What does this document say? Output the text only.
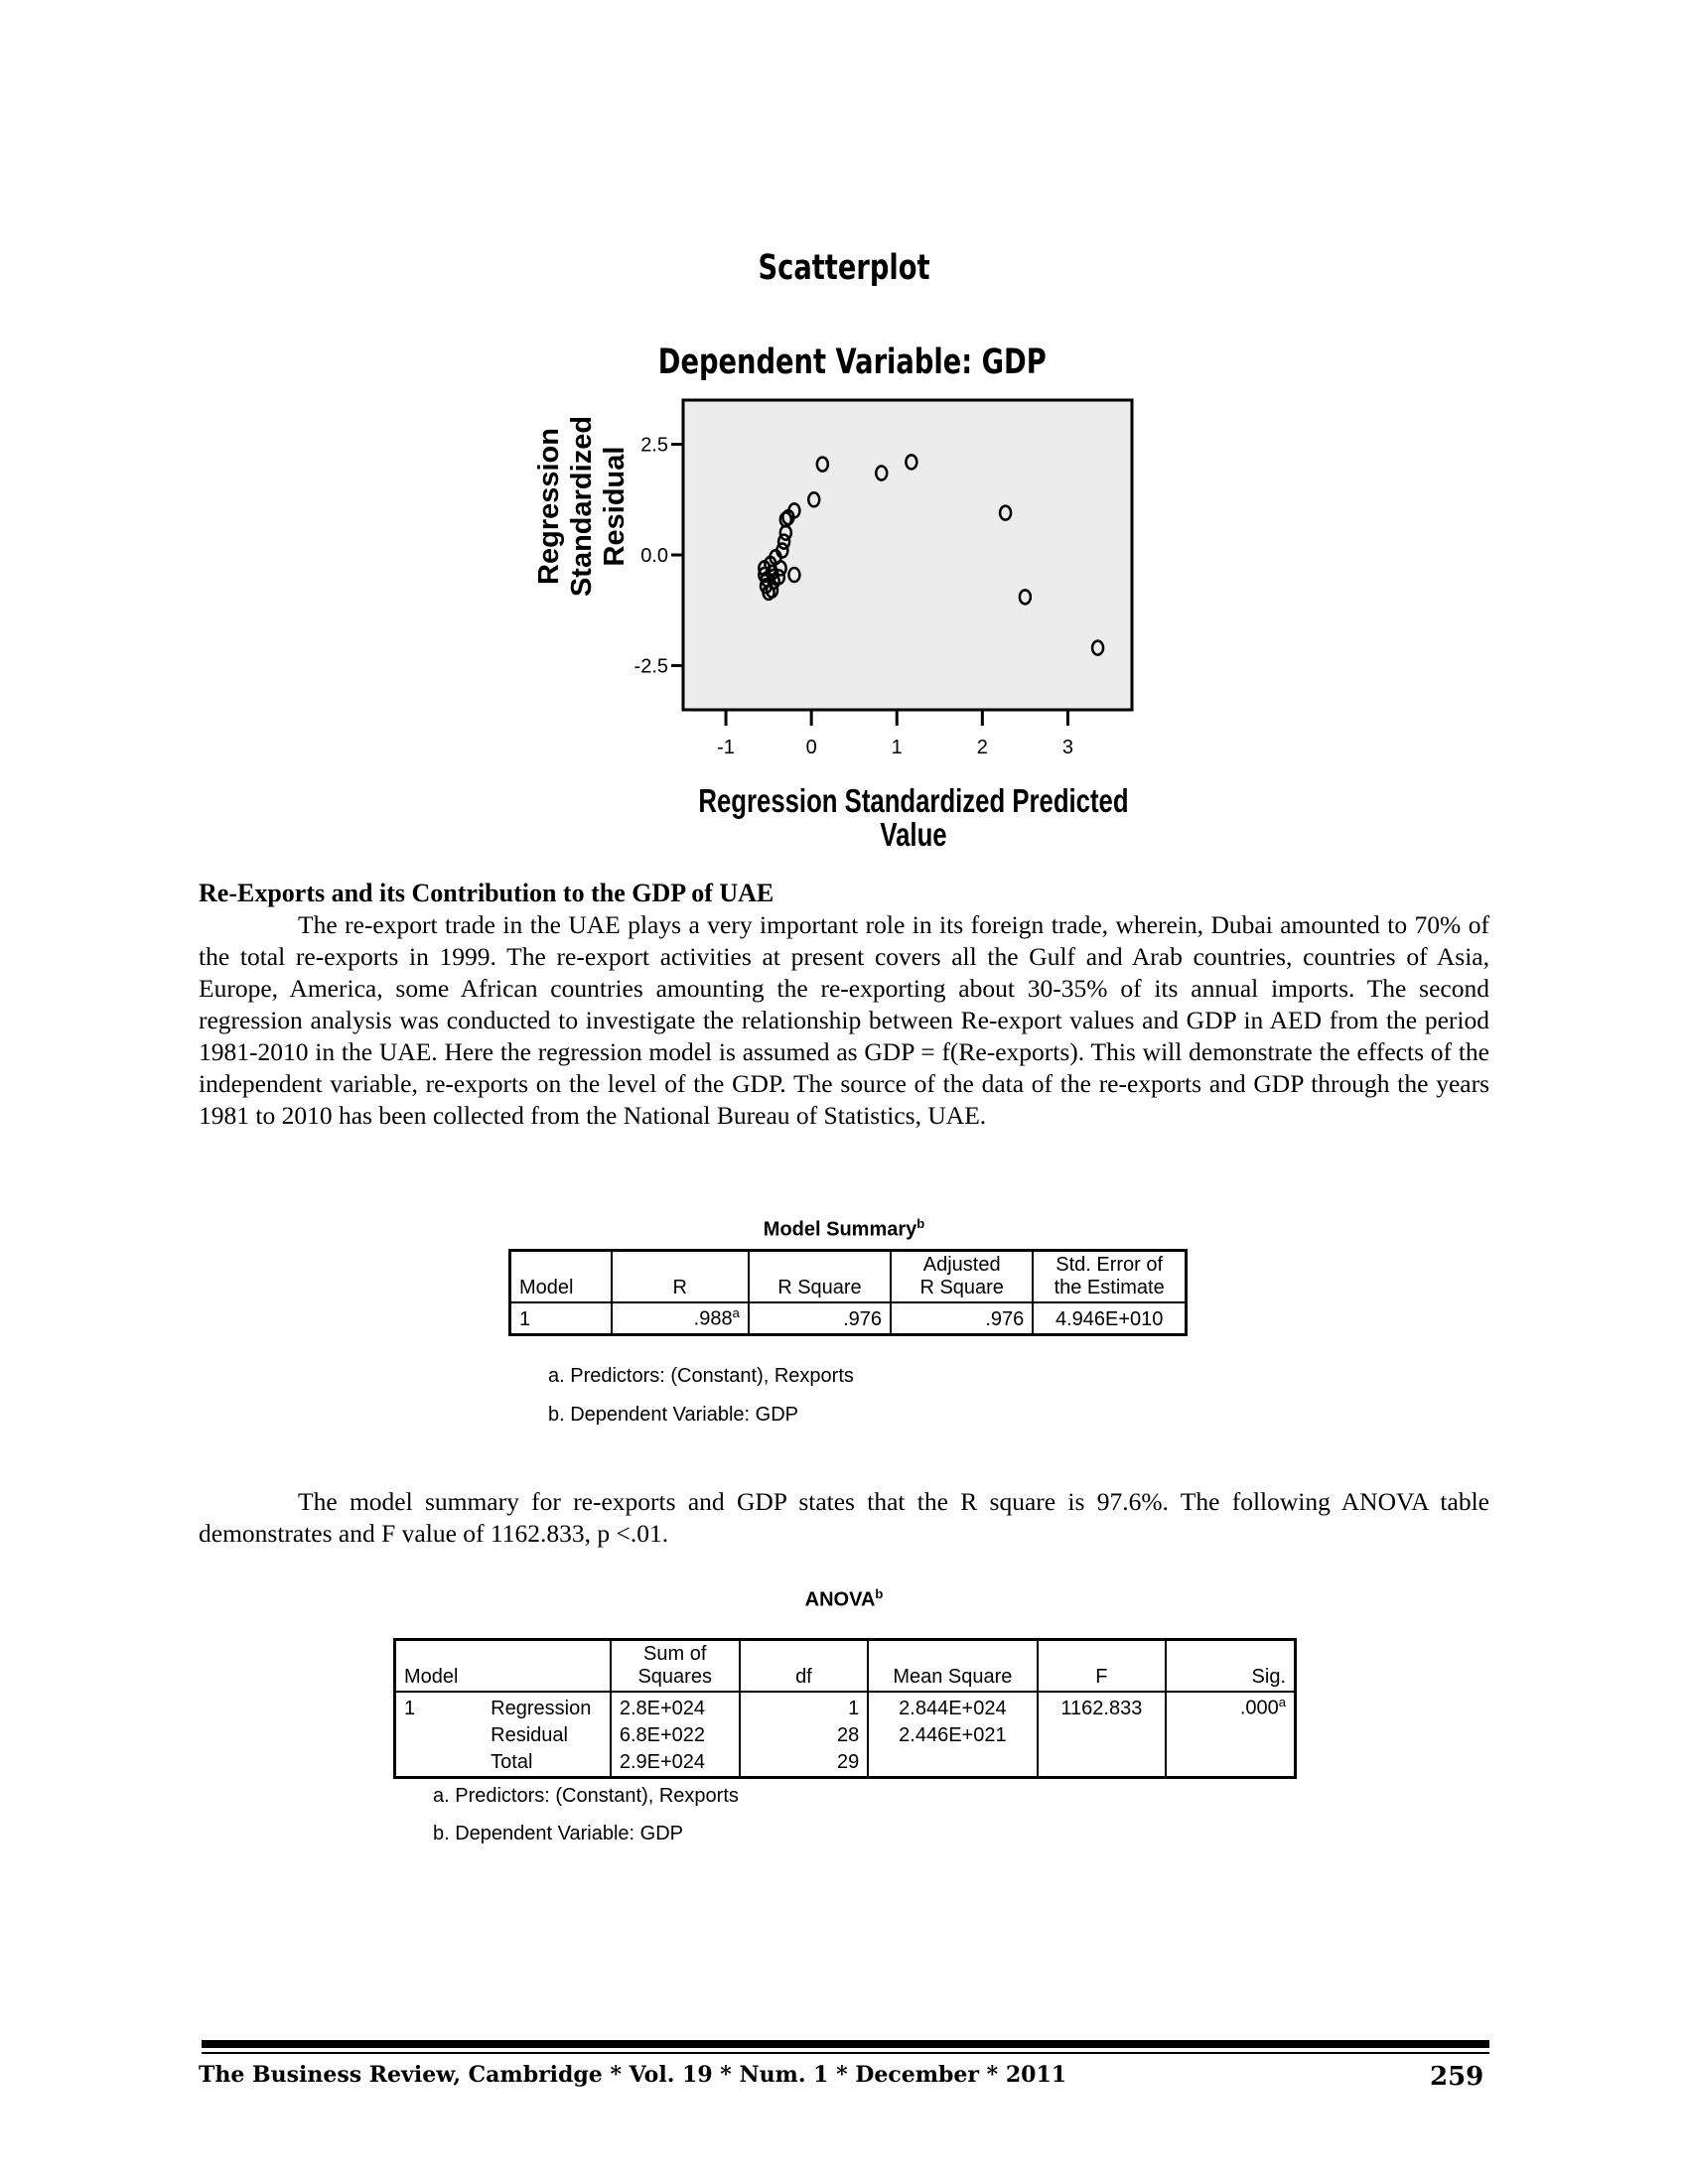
Scatterplot
Dependent Variable: GDP
2.5
0.0
-2.5
-1	0	1	2	3
Regression Standardized Predicted
Regression Standardized Residual
Value
Re-Exports and its Contribution to the GDP of UAE
The re-export trade in the UAE plays a very important role in its foreign trade, wherein, Dubai amounted to 70% of the total re-exports in 1999. The re-export activities at present covers all the Gulf and Arab countries, countries of Asia, Europe, America, some African countries amounting the re-exporting about 30-35% of its annual imports. The second regression analysis was conducted to investigate the relationship between Re-export values and GDP in AED from the period 1981-2010 in the UAE. Here the regression model is assumed as GDP = f(Re-exports). This will demonstrate the effects of the independent variable, re-exports on the level of the GDP. The source of the data of the re-exports and GDP through the years 1981 to 2010 has been collected from the National Bureau of Statistics, UAE.
Model Summary$^b$
Model	R	R Square	Adjusted
R Square	Std. Error of
the Estimate
1	.988$^a$	.976	.976	4.946E+010
a. Predictors: (Constant), Rexports
b. Dependent Variable: GDP
The model summary for re-exports and GDP states that the R square is 97.6%. The following ANOVA table demonstrates and F value of 1162.833, p <.01.
ANOVA$^b$
Model		Sum of
Squares	df	Mean Square	F	Sig.
1	Regression	2.8E+024	1	2.844E+024	1162.833	.000$^a$
	Residual	6.8E+022	28	2.446E+021		
	Total	2.9E+024	29			
a. Predictors: (Constant), Rexports
b. Dependent Variable: GDP
The Business Review, Cambridge * Vol. 19 * Num. 1 * December * 2011	259
